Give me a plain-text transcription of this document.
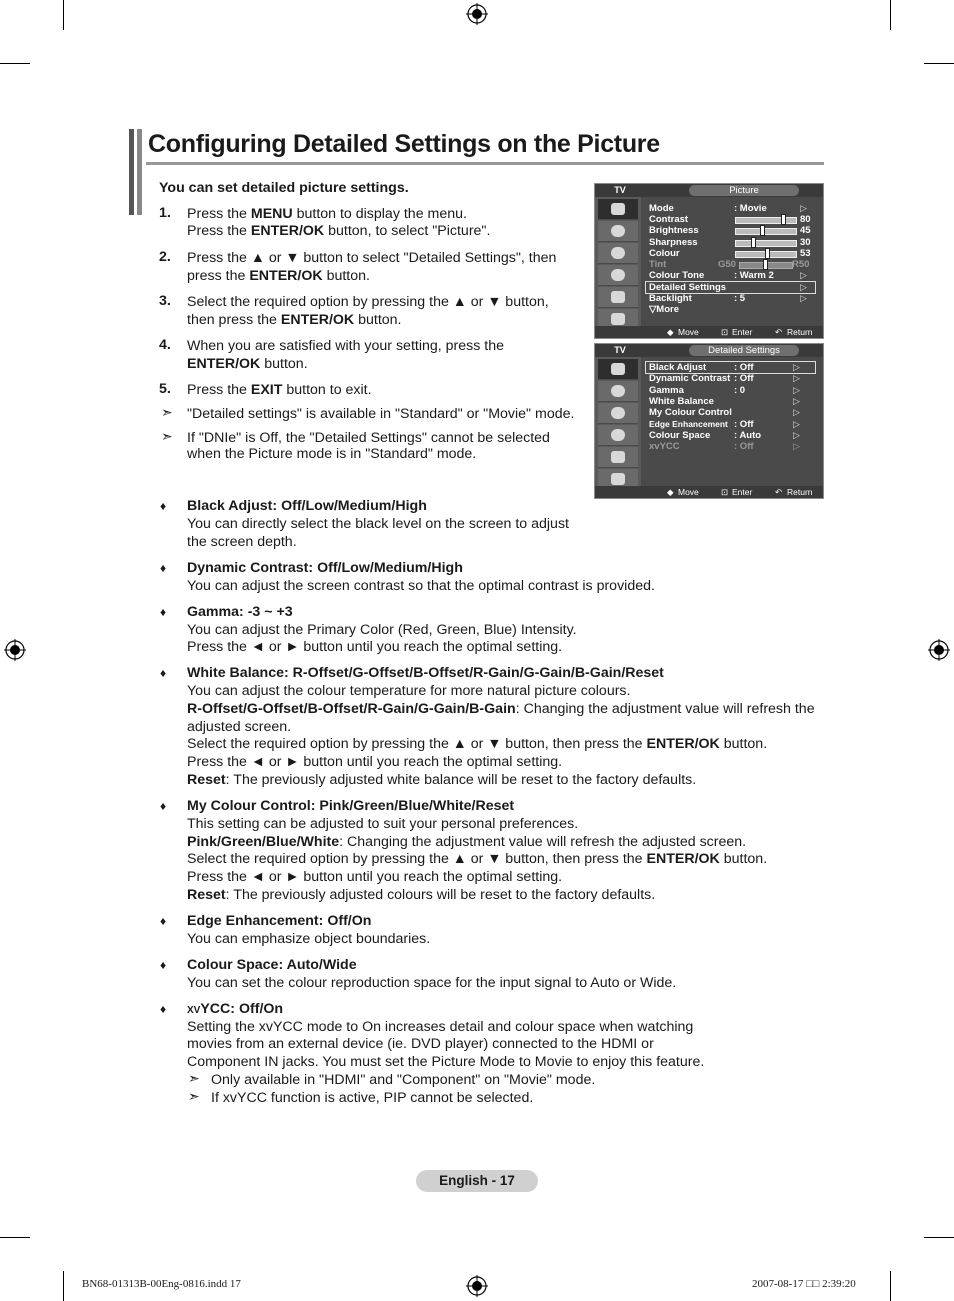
Configuring Detailed Settings on the Picture
You can set detailed picture settings.
1. Press the MENU button to display the menu.
Press the ENTER/OK button, to select "Picture".
2. Press the ▲ or ▼ button to select "Detailed Settings", then
press the ENTER/OK button.
3. Select the required option by pressing the ▲ or ▼ button,
then press the ENTER/OK button.
4. When you are satisfied with your setting, press the
ENTER/OK button.
5. Press the EXIT button to exit.
➣ "Detailed settings" is available in "Standard" or "Movie" mode.
➣ If "DNIe" is Off, the "Detailed Settings" cannot be selected
when the Picture mode is in "Standard" mode.
TV	Picture
Mode	: Movie	▷
Contrast	80
Brightness	45
Sharpness	30
Colour	53
Tint	G50	R50
Colour Tone	: Warm 2	▷
Detailed Settings	▷
Backlight	: 5	▷
▽More
◆ Move	⊡ Enter	↶ Return
TV	Detailed Settings
Black Adjust	: Off	▷
Dynamic Contrast : Off	▷
Gamma	: 0	▷
White Balance	▷
My Colour Control	▷
Edge Enhancement : Off	▷
Colour Space	: Auto	▷
xvYCC	: Off	▷
◆ Move	⊡ Enter	↶ Return
♦ Black Adjust: Off/Low/Medium/High
You can directly select the black level on the screen to adjust
the screen depth.
♦ Dynamic Contrast: Off/Low/Medium/High
You can adjust the screen contrast so that the optimal contrast is provided.
♦ Gamma: -3 ~ +3
You can adjust the Primary Color (Red, Green, Blue) Intensity.
Press the ◄ or ► button until you reach the optimal setting.
♦ White Balance: R-Offset/G-Offset/B-Offset/R-Gain/G-Gain/B-Gain/Reset
You can adjust the colour temperature for more natural picture colours.
R-Offset/G-Offset/B-Offset/R-Gain/G-Gain/B-Gain: Changing the adjustment value will refresh the
adjusted screen.
Select the required option by pressing the ▲ or ▼ button, then press the ENTER/OK button.
Press the ◄ or ► button until you reach the optimal setting.
Reset: The previously adjusted white balance will be reset to the factory defaults.
♦ My Colour Control: Pink/Green/Blue/White/Reset
This setting can be adjusted to suit your personal preferences.
Pink/Green/Blue/White: Changing the adjustment value will refresh the adjusted screen.
Select the required option by pressing the ▲ or ▼ button, then press the ENTER/OK button.
Press the ◄ or ► button until you reach the optimal setting.
Reset: The previously adjusted colours will be reset to the factory defaults.
♦ Edge Enhancement: Off/On
You can emphasize object boundaries.
♦ Colour Space: Auto/Wide
You can set the colour reproduction space for the input signal to Auto or Wide.
♦ XVYCC: Off/On
Setting the xvYCC mode to On increases detail and colour space when watching
movies from an external device (ie. DVD player) connected to the HDMI or
Component IN jacks. You must set the Picture Mode to Movie to enjoy this feature.
➣ Only available in "HDMI" and "Component" on "Movie" mode.
➣ If xvYCC function is active, PIP cannot be selected.
English - 17
BN68-01313B-00Eng-0816.indd 17	2007-08-17 □□ 2:39:20
